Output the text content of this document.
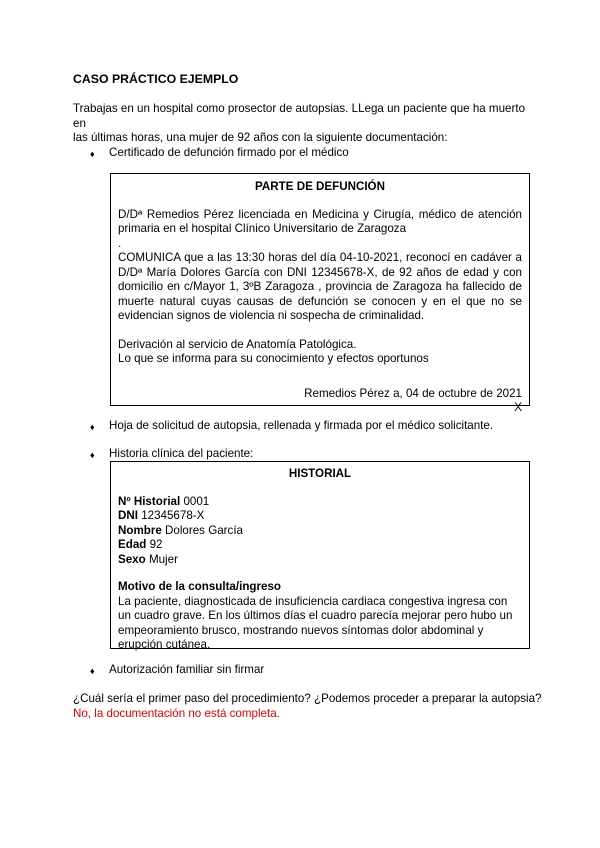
CASO PRÁCTICO EJEMPLO
Trabajas en un hospital como prosector de autopsias. LLega un paciente que ha muerto en
las últimas horas, una mujer de 92 años con la siguiente documentación:
♦ Certificado de defunción firmado por el médico
PARTE DE DEFUNCIÓN
D/Dª Remedios Pérez licenciada en Medicina y Cirugía, médico de atención primaria en el hospital Clínico Universitario de Zaragoza
.
COMUNICA que a las 13:30 horas del día 04-10-2021, reconocí en cadáver a D/Dª María Dolores García con DNI 12345678-X, de 92 años de edad y con domicilio en c/Mayor 1, 3ºB Zaragoza , provincia de Zaragoza ha fallecido de muerte natural cuyas causas de defunción se conocen y en el que no se evidencian signos de violencia ni sospecha de criminalidad.
Derivación al servicio de Anatomía Patológica.
Lo que se informa para su conocimiento y efectos oportunos
Remedios Pérez a, 04 de octubre de 2021
X
♦ Hoja de solicitud de autopsia, rellenada y firmada por el médico solicitante.
♦ Historia clínica del paciente:
HISTORIAL
Nº Historial 0001
DNI 12345678-X
Nombre Dolores García
Edad 92
Sexo Mujer
Motivo de la consulta/ingreso
La paciente, diagnosticada de insuficiencia cardiaca congestiva ingresa con un cuadro grave. En los últimos días el cuadro parecía mejorar pero hubo un empeoramiento brusco, mostrando nuevos síntomas dolor abdominal y erupción cutánea.
♦ Autorización familiar sin firmar
¿Cuál sería el primer paso del procedimiento? ¿Podemos proceder a preparar la autopsia?
No, la documentación no está completa.
